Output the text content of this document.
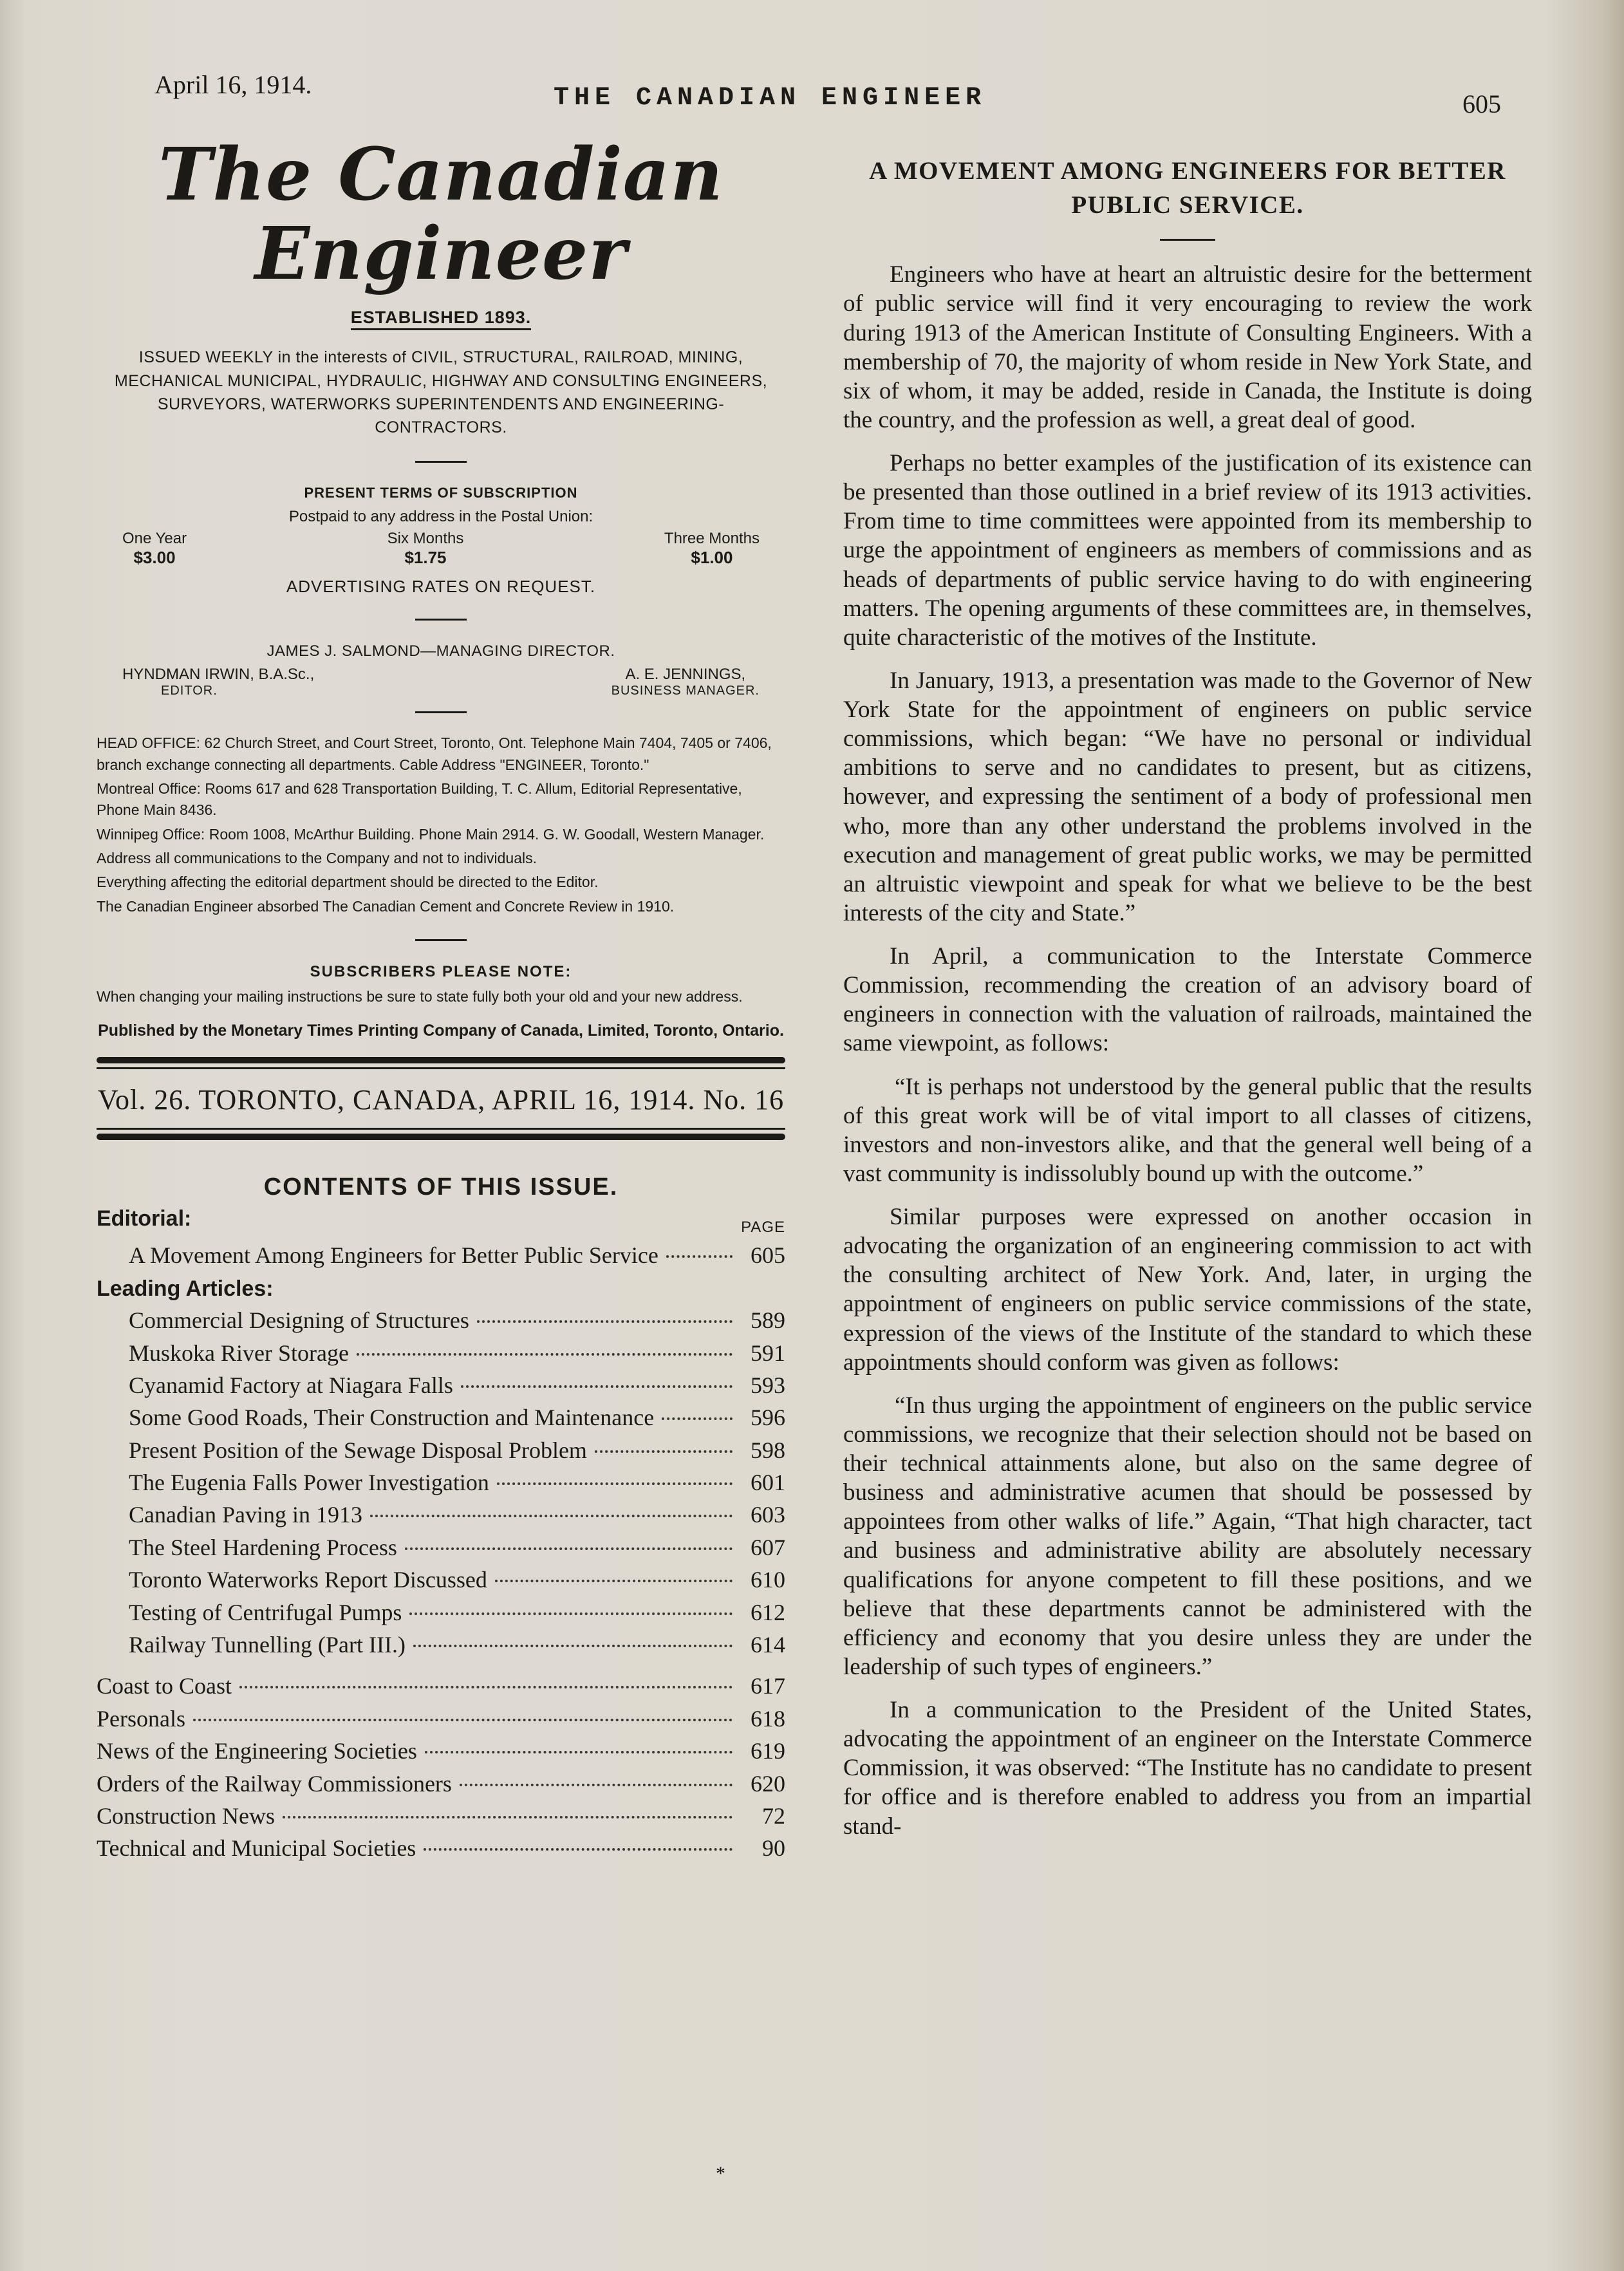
April 16, 1914.	THE CANADIAN ENGINEER	605
The Canadian Engineer
ESTABLISHED 1893.

ISSUED WEEKLY in the interests of CIVIL, STRUCTURAL, RAILROAD, MINING, MECHANICAL MUNICIPAL, HYDRAULIC, HIGHWAY AND CONSULTING ENGINEERS, SURVEYORS, WATERWORKS SUPERINTENDENTS AND ENGINEERING-CONTRACTORS.

PRESENT TERMS OF SUBSCRIPTION
Postpaid to any address in the Postal Union:
One Year
$3.00
Six Months
$1.75
Three Months
$1.00
ADVERTISING RATES ON REQUEST.
JAMES J. SALMOND—MANAGING DIRECTOR.
HYNDMAN IRWIN, B.A.Sc.,
EDITOR.
A. E. JENNINGS,
BUSINESS MANAGER.

HEAD OFFICE: 62 Church Street, and Court Street, Toronto, Ont. Telephone Main 7404, 7405 or 7406, branch exchange connecting all departments. Cable Address "ENGINEER, Toronto."

Montreal Office: Rooms 617 and 628 Transportation Building, T. C. Allum, Editorial Representative, Phone Main 8436.

Winnipeg Office: Room 1008, McArthur Building. Phone Main 2914. G. W. Goodall, Western Manager.

Address all communications to the Company and not to individuals.

Everything affecting the editorial department should be directed to the Editor.

The Canadian Engineer absorbed The Canadian Cement and Concrete Review in 1910.

SUBSCRIBERS PLEASE NOTE:
When changing your mailing instructions be sure to state fully both your old and your new address.
Published by the Monetary Times Printing Company of Canada, Limited, Toronto, Ontario.
Vol. 26. TORONTO, CANADA, APRIL 16, 1914. No. 16
CONTENTS OF THIS ISSUE.
Editorial:	PAGE
A Movement Among Engineers for Better Public Service	605
Leading Articles:
Commercial Designing of Structures	589
Muskoka River Storage	591
Cyanamid Factory at Niagara Falls	593
Some Good Roads, Their Construction and Maintenance	596
Present Position of the Sewage Disposal Problem	598
The Eugenia Falls Power Investigation	601
Canadian Paving in 1913	603
The Steel Hardening Process	607
Toronto Waterworks Report Discussed	610
Testing of Centrifugal Pumps	612
Railway Tunnelling (Part III.)	614
Coast to Coast	617
Personals	618
News of the Engineering Societies	619
Orders of the Railway Commissioners	620
Construction News	72
Technical and Municipal Societies	90
A MOVEMENT AMONG ENGINEERS FOR BETTER PUBLIC SERVICE.

Engineers who have at heart an altruistic desire for the betterment of public service will find it very encouraging to review the work during 1913 of the American Institute of Consulting Engineers. With a membership of 70, the majority of whom reside in New York State, and six of whom, it may be added, reside in Canada, the Institute is doing the country, and the profession as well, a great deal of good.

Perhaps no better examples of the justification of its existence can be presented than those outlined in a brief review of its 1913 activities. From time to time committees were appointed from its membership to urge the appointment of engineers as members of commissions and as heads of departments of public service having to do with engineering matters. The opening arguments of these committees are, in themselves, quite characteristic of the motives of the Institute.

In January, 1913, a presentation was made to the Governor of New York State for the appointment of engineers on public service commissions, which began: “We have no personal or individual ambitions to serve and no candidates to present, but as citizens, however, and expressing the sentiment of a body of professional men who, more than any other understand the problems involved in the execution and management of great public works, we may be permitted an altruistic viewpoint and speak for what we believe to be the best interests of the city and State.”

In April, a communication to the Interstate Commerce Commission, recommending the creation of an advisory board of engineers in connection with the valuation of railroads, maintained the same viewpoint, as follows:

“It is perhaps not understood by the general public that the results of this great work will be of vital import to all classes of citizens, investors and non-investors alike, and that the general well being of a vast community is indissolubly bound up with the outcome.”

Similar purposes were expressed on another occasion in advocating the organization of an engineering commission to act with the consulting architect of New York. And, later, in urging the appointment of engineers on public service commissions of the state, expression of the views of the Institute of the standard to which these appointments should conform was given as follows:

“In thus urging the appointment of engineers on the public service commissions, we recognize that their selection should not be based on their technical attainments alone, but also on the same degree of business and administrative acumen that should be possessed by appointees from other walks of life.” Again, “That high character, tact and business and administrative ability are absolutely necessary qualifications for anyone competent to fill these positions, and we believe that these departments cannot be administered with the efficiency and economy that you desire unless they are under the leadership of such types of engineers.”

In a communication to the President of the United States, advocating the appointment of an engineer on the Interstate Commerce Commission, it was observed: “The Institute has no candidate to present for office and is therefore enabled to address you from an impartial stand-

*
